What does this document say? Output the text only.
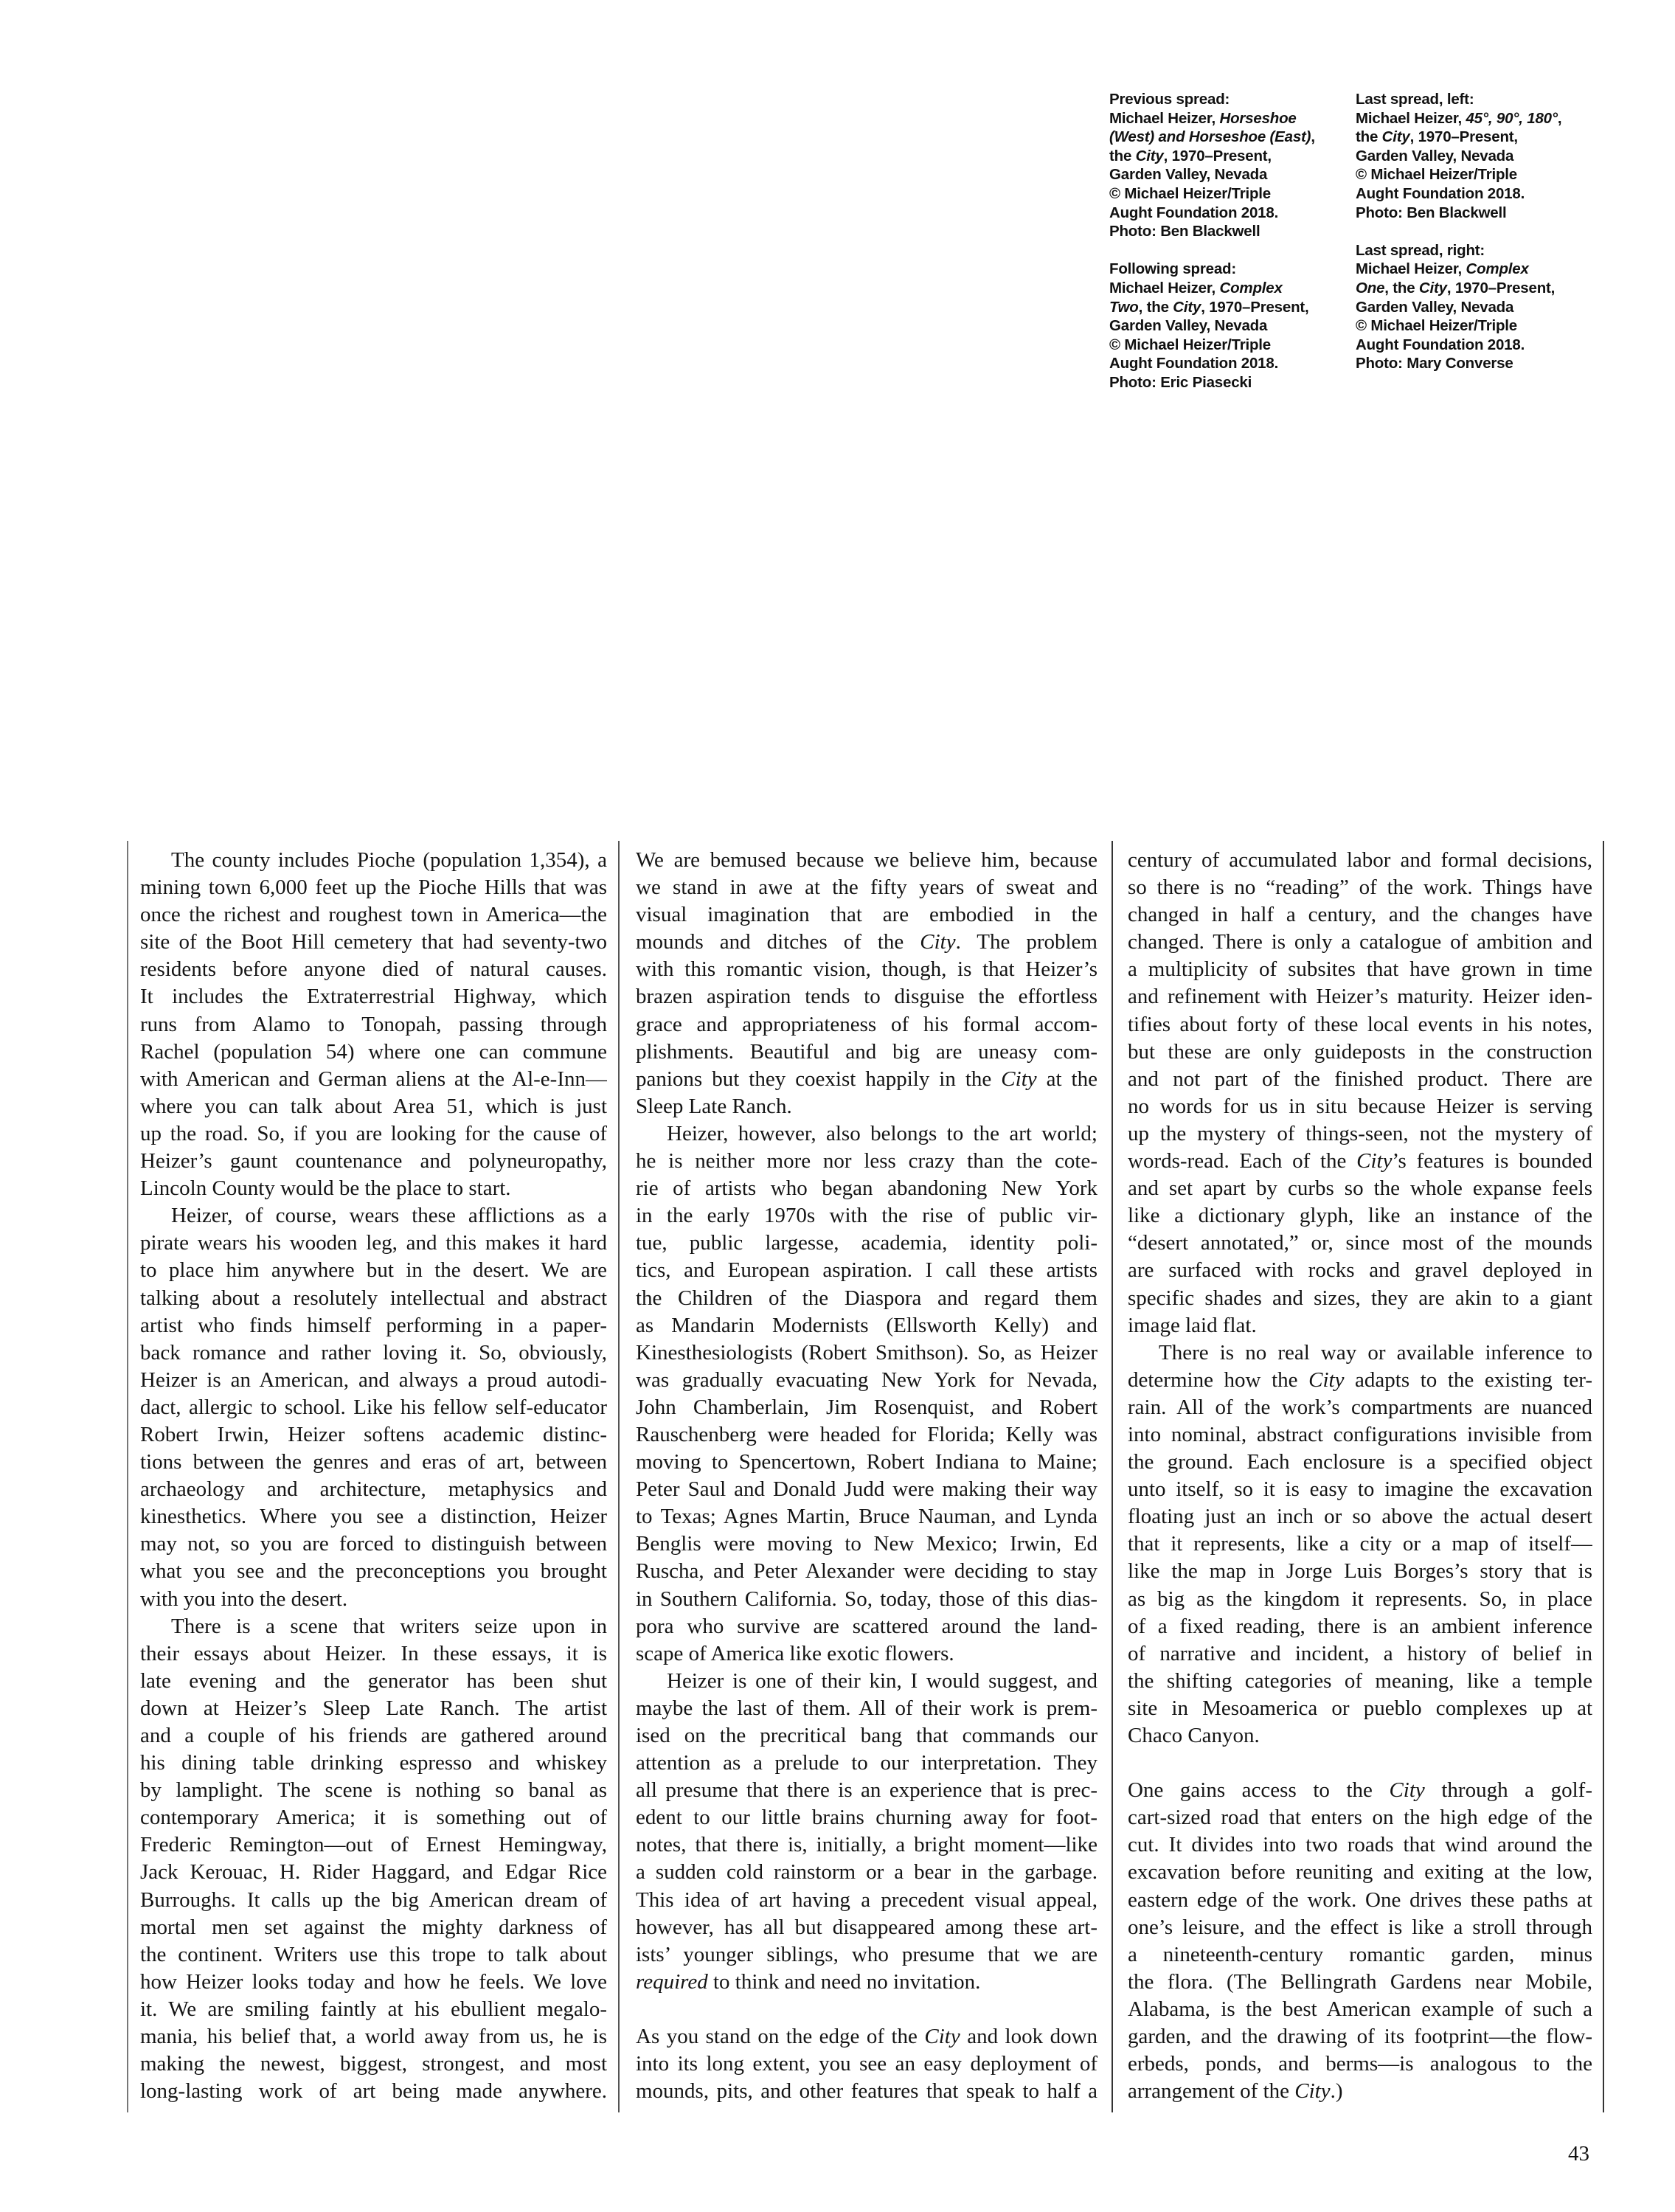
Previous spread:
Michael Heizer, Horseshoe
(West) and Horseshoe (East),
the City, 1970–Present,
Garden Valley, Nevada
© Michael Heizer/Triple
Aught Foundation 2018.
Photo: Ben Blackwell
Following spread:
Michael Heizer, Complex
Two, the City, 1970–Present,
Garden Valley, Nevada
© Michael Heizer/Triple
Aught Foundation 2018.
Photo: Eric Piasecki
Last spread, left:
Michael Heizer, 45°, 90°, 180°,
the City, 1970–Present,
Garden Valley, Nevada
© Michael Heizer/Triple
Aught Foundation 2018.
Photo: Ben Blackwell
Last spread, right:
Michael Heizer, Complex
One, the City, 1970–Present,
Garden Valley, Nevada
© Michael Heizer/Triple
Aught Foundation 2018.
Photo: Mary Converse
The county includes Pioche (population 1,354), a
mining town 6,000 feet up the Pioche Hills that was
once the richest and roughest town in America—the
site of the Boot Hill cemetery that had seventy-two
residents before anyone died of natural causes.
It includes the Extraterrestrial Highway, which
runs from Alamo to Tonopah, passing through
Rachel (population 54) where one can commune
with American and German aliens at the Al-e-Inn—
where you can talk about Area 51, which is just
up the road. So, if you are looking for the cause of
Heizer’s gaunt countenance and polyneuropathy,
Lincoln County would be the place to start.
Heizer, of course, wears these afflictions as a
pirate wears his wooden leg, and this makes it hard
to place him anywhere but in the desert. We are
talking about a resolutely intellectual and abstract
artist who finds himself performing in a paper-
back romance and rather loving it. So, obviously,
Heizer is an American, and always a proud autodi-
dact, allergic to school. Like his fellow self-educator
Robert Irwin, Heizer softens academic distinc-
tions between the genres and eras of art, between
archaeology and architecture, metaphysics and
kinesthetics. Where you see a distinction, Heizer
may not, so you are forced to distinguish between
what you see and the preconceptions you brought
with you into the desert.
There is a scene that writers seize upon in
their essays about Heizer. In these essays, it is
late evening and the generator has been shut
down at Heizer’s Sleep Late Ranch. The artist
and a couple of his friends are gathered around
his dining table drinking espresso and whiskey
by lamplight. The scene is nothing so banal as
contemporary America; it is something out of
Frederic Remington—out of Ernest Hemingway,
Jack Kerouac, H. Rider Haggard, and Edgar Rice
Burroughs. It calls up the big American dream of
mortal men set against the mighty darkness of
the continent. Writers use this trope to talk about
how Heizer looks today and how he feels. We love
it. We are smiling faintly at his ebullient megalo-
mania, his belief that, a world away from us, he is
making the newest, biggest, strongest, and most
long-lasting work of art being made anywhere.
We are bemused because we believe him, because
we stand in awe at the fifty years of sweat and
visual imagination that are embodied in the
mounds and ditches of the City. The problem
with this romantic vision, though, is that Heizer’s
brazen aspiration tends to disguise the effortless
grace and appropriateness of his formal accom-
plishments. Beautiful and big are uneasy com-
panions but they coexist happily in the City at the
Sleep Late Ranch.
Heizer, however, also belongs to the art world;
he is neither more nor less crazy than the cote-
rie of artists who began abandoning New York
in the early 1970s with the rise of public vir-
tue, public largesse, academia, identity poli-
tics, and European aspiration. I call these artists
the Children of the Diaspora and regard them
as Mandarin Modernists (Ellsworth Kelly) and
Kinesthesiologists (Robert Smithson). So, as Heizer
was gradually evacuating New York for Nevada,
John Chamberlain, Jim Rosenquist, and Robert
Rauschenberg were headed for Florida; Kelly was
moving to Spencertown, Robert Indiana to Maine;
Peter Saul and Donald Judd were making their way
to Texas; Agnes Martin, Bruce Nauman, and Lynda
Benglis were moving to New Mexico; Irwin, Ed
Ruscha, and Peter Alexander were deciding to stay
in Southern California. So, today, those of this dias-
pora who survive are scattered around the land-
scape of America like exotic flowers.
Heizer is one of their kin, I would suggest, and
maybe the last of them. All of their work is prem-
ised on the precritical bang that commands our
attention as a prelude to our interpretation. They
all presume that there is an experience that is prec-
edent to our little brains churning away for foot-
notes, that there is, initially, a bright moment—like
a sudden cold rainstorm or a bear in the garbage.
This idea of art having a precedent visual appeal,
however, has all but disappeared among these art-
ists’ younger siblings, who presume that we are
required to think and need no invitation.
As you stand on the edge of the City and look down
into its long extent, you see an easy deployment of
mounds, pits, and other features that speak to half a
century of accumulated labor and formal decisions,
so there is no “reading” of the work. Things have
changed in half a century, and the changes have
changed. There is only a catalogue of ambition and
a multiplicity of subsites that have grown in time
and refinement with Heizer’s maturity. Heizer iden-
tifies about forty of these local events in his notes,
but these are only guideposts in the construction
and not part of the finished product. There are
no words for us in situ because Heizer is serving
up the mystery of things-seen, not the mystery of
words-read. Each of the City’s features is bounded
and set apart by curbs so the whole expanse feels
like a dictionary glyph, like an instance of the
“desert annotated,” or, since most of the mounds
are surfaced with rocks and gravel deployed in
specific shades and sizes, they are akin to a giant
image laid flat.
There is no real way or available inference to
determine how the City adapts to the existing ter-
rain. All of the work’s compartments are nuanced
into nominal, abstract configurations invisible from
the ground. Each enclosure is a specified object
unto itself, so it is easy to imagine the excavation
floating just an inch or so above the actual desert
that it represents, like a city or a map of itself—
like the map in Jorge Luis Borges’s story that is
as big as the kingdom it represents. So, in place
of a fixed reading, there is an ambient inference
of narrative and incident, a history of belief in
the shifting categories of meaning, like a temple
site in Mesoamerica or pueblo complexes up at
Chaco Canyon.
One gains access to the City through a golf-
cart-sized road that enters on the high edge of the
cut. It divides into two roads that wind around the
excavation before reuniting and exiting at the low,
eastern edge of the work. One drives these paths at
one’s leisure, and the effect is like a stroll through
a nineteenth-century romantic garden, minus
the flora. (The Bellingrath Gardens near Mobile,
Alabama, is the best American example of such a
garden, and the drawing of its footprint—the flow-
erbeds, ponds, and berms—is analogous to the
arrangement of the City.)
43
